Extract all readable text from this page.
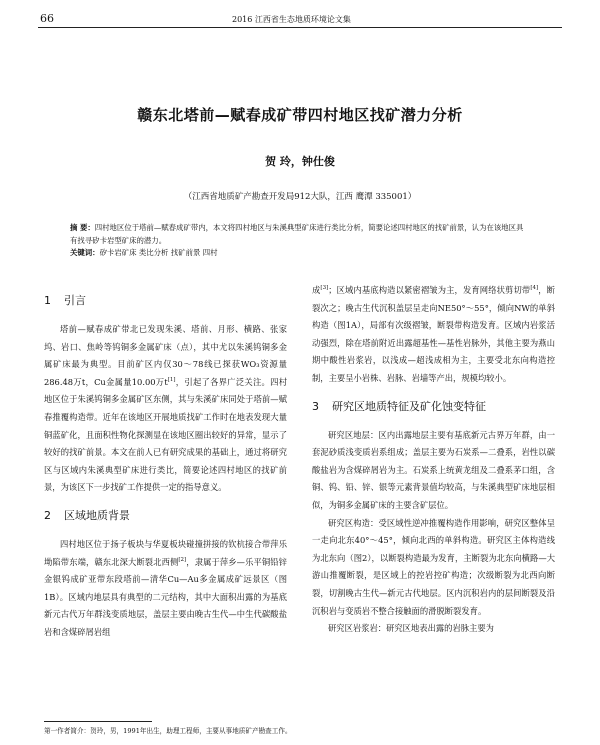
66	2016 江西省生态地质环境论文集
赣东北塔前—赋春成矿带四村地区找矿潜力分析
贺 玲，钟仕俊
（江西省地质矿产勘查开发局912大队，江西 鹰潭 335001）
摘 要：四村地区位于塔前—赋春成矿带内，本文将四村地区与朱溪典型矿床进行类比分析，简要论述四村地区的找矿前景，认为在该地区具有找寻矽卡岩型矿床的潜力。
关键词：矽卡岩矿床 类比分析 找矿前景 四村
1 引言

塔前—赋春成矿带北已发现朱溪、塔前、月形、横路、张家坞、岩口、焦岭等钨铜多金属矿床（点），其中尤以朱溪钨铜多金属矿床最为典型。目前矿区内仅30～78线已探获WO₃资源量286.48万t，Cu金属量10.00万t[1]，引起了各界广泛关注。四村地区位于朱溪钨铜多金属矿区东侧，其与朱溪矿床同处于塔前—赋春推覆构造带。近年在该地区开展地质找矿工作时在地表发现大量铜蓝矿化，且面积性物化探测显在该地区圈出较好的异常，显示了较好的找矿前景。本文在前人已有研究成果的基础上，通过将研究区与区域内朱溪典型矿床进行类比，简要论述四村地区的找矿前景，为该区下一步找矿工作提供一定的指导意义。

2 区域地质背景

四村地区位于扬子板块与华夏板块碰撞拼接的钦杭接合带萍乐坳陷带东端，赣东北深大断裂北西侧[2]，隶属于萍乡—乐平铜铅锌金银钨成矿亚带东段塔前—清华Cu—Au多金属成矿远景区（图1B）。区域内地层具有典型的二元结构，其中大面积出露的为基底新元古代万年群浅变质地层，盖层主要由晚古生代—中生代碳酸盐岩和含煤碎屑岩组

成[3]；区域内基底构造以紧密褶皱为主，发育网络状剪切带[4]，断裂次之；晚古生代沉积盖层呈走向NE50°～55°，倾向NW的单斜构造（图1A），局部有次级褶皱，断裂带构造发育。区域内岩浆活动强烈，除在塔前附近出露超基性—基性岩脉外，其他主要为燕山期中酸性岩浆岩，以浅成—超浅成相为主，主要受北东向构造控制，主要呈小岩株、岩脉、岩墙等产出，规模均较小。

3 研究区地质特征及矿化蚀变特征

研究区地层：区内出露地层主要有基底新元古界万年群，由一套泥砂质浅变质岩系组成；盖层主要为石炭系—二叠系，岩性以碳酸盐岩为含煤碎屑岩为主。石炭系上统黄龙组及二叠系茅口组，含铜、钨、铅、锌、银等元素背景值均较高，与朱溪典型矿床地层相似，为铜多金属矿床的主要含矿层位。

研究区构造：受区域性逆冲推覆构造作用影响，研究区整体呈一走向北东40°～45°，倾向北西的单斜构造。研究区主体构造线为北东向（图2），以断裂构造最为发育，主断裂为北东向横路—大游山推覆断裂，是区域上的控岩控矿构造；次级断裂为北西向断裂，切割晚古生代—新元古代地层。区内沉积岩内的层间断裂及沿沉积岩与变质岩不整合接触面的滑脱断裂发育。

研究区岩浆岩：研究区地表出露的岩脉主要为

第一作者简介：贺玲，男，1991年出生，助理工程师，主要从事地质矿产勘查工作。
